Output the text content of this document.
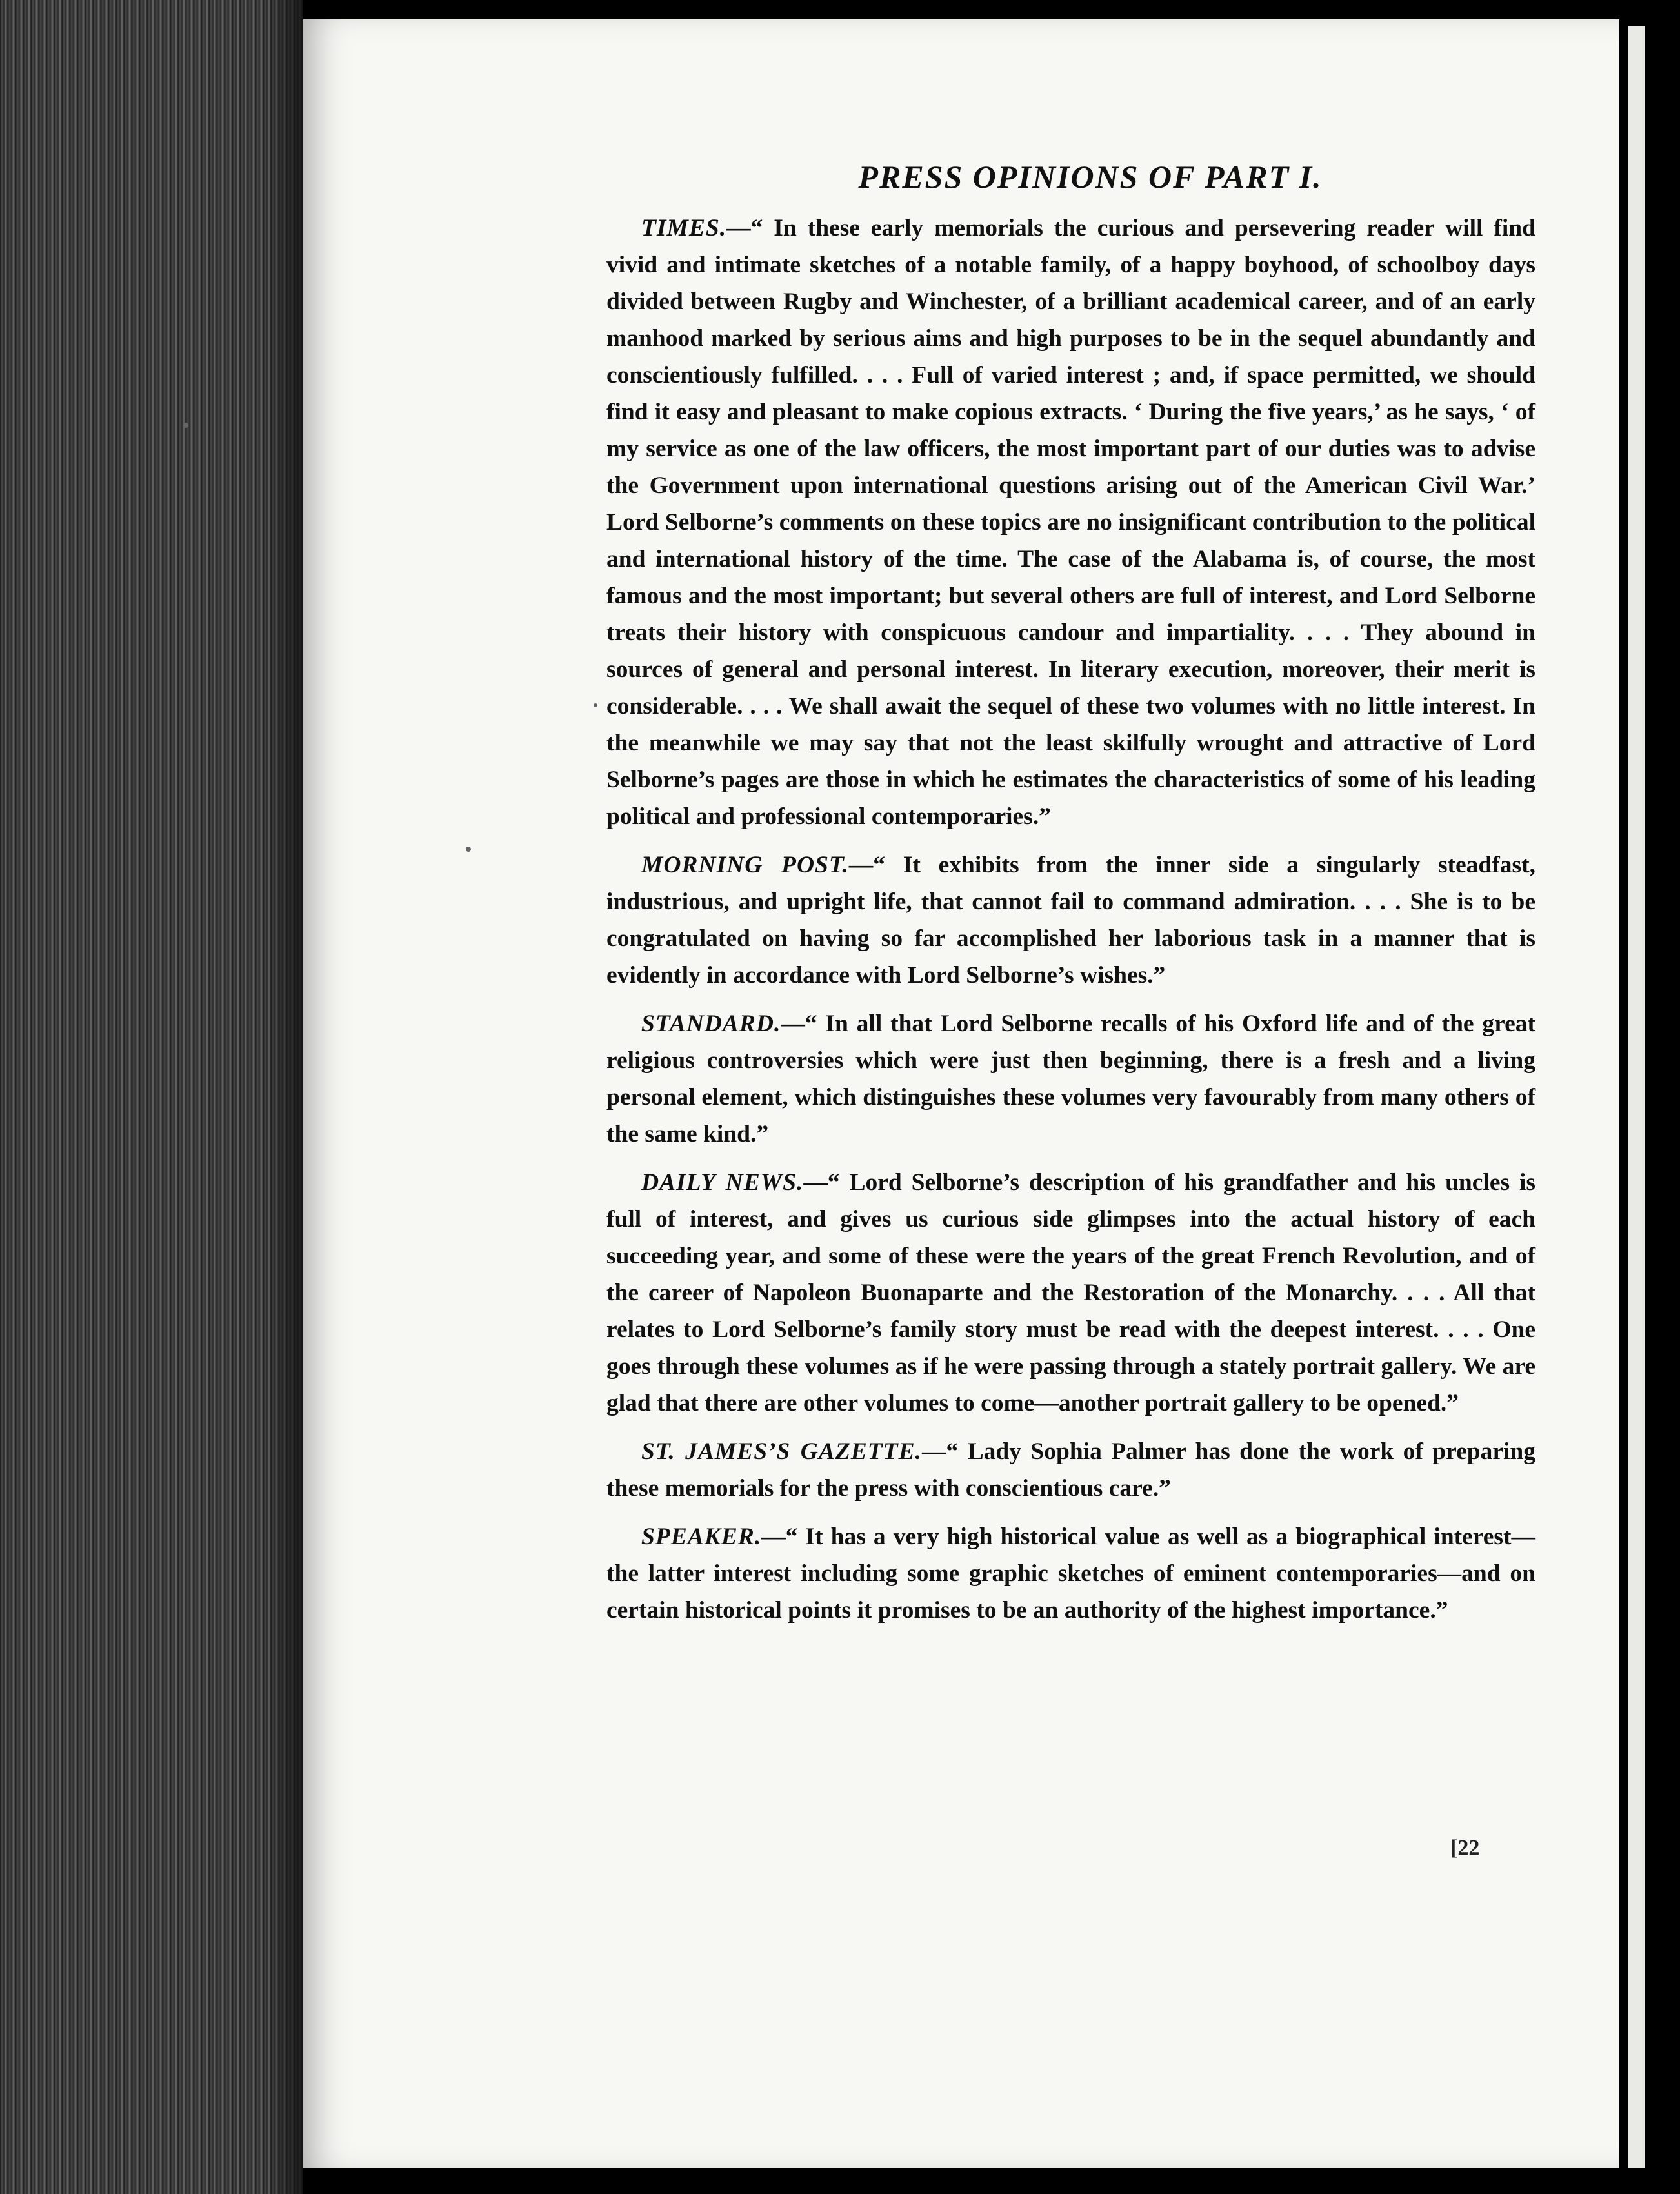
PRESS OPINIONS OF PART I.

TIMES.—“ In these early memorials the curious and persevering reader will find vivid and intimate sketches of a notable family, of a happy boyhood, of schoolboy days divided between Rugby and Winchester, of a brilliant academical career, and of an early manhood marked by serious aims and high purposes to be in the sequel abundantly and conscientiously fulfilled. . . . Full of varied interest ; and, if space permitted, we should find it easy and pleasant to make copious extracts. ‘ During the five years,’ as he says, ‘ of my service as one of the law officers, the most important part of our duties was to advise the Government upon international questions arising out of the American Civil War.’ Lord Selborne’s comments on these topics are no insignificant contribution to the political and international history of the time. The case of the Alabama is, of course, the most famous and the most important; but several others are full of interest, and Lord Selborne treats their history with conspicuous candour and impartiality. . . . They abound in sources of general and personal interest. In literary execution, moreover, their merit is considerable. . . . We shall await the sequel of these two volumes with no little interest. In the meanwhile we may say that not the least skilfully wrought and attractive of Lord Selborne’s pages are those in which he estimates the characteristics of some of his leading political and professional contemporaries.”

MORNING POST.—“ It exhibits from the inner side a singularly steadfast, industrious, and upright life, that cannot fail to command admiration. . . . She is to be congratulated on having so far accomplished her laborious task in a manner that is evidently in accordance with Lord Selborne’s wishes.”

STANDARD.—“ In all that Lord Selborne recalls of his Oxford life and of the great religious controversies which were just then beginning, there is a fresh and a living personal element, which distinguishes these volumes very favourably from many others of the same kind.”

DAILY NEWS.—“ Lord Selborne’s description of his grandfather and his uncles is full of interest, and gives us curious side glimpses into the actual history of each succeeding year, and some of these were the years of the great French Revolution, and of the career of Napoleon Buonaparte and the Restoration of the Monarchy. . . . All that relates to Lord Selborne’s family story must be read with the deepest interest. . . . One goes through these volumes as if he were passing through a stately portrait gallery. We are glad that there are other volumes to come—another portrait gallery to be opened.”

ST. JAMES’S GAZETTE.—“ Lady Sophia Palmer has done the work of preparing these memorials for the press with conscientious care.”

SPEAKER.—“ It has a very high historical value as well as a biographical interest—the latter interest including some graphic sketches of eminent contemporaries—and on certain historical points it promises to be an authority of the highest importance.”

[22
